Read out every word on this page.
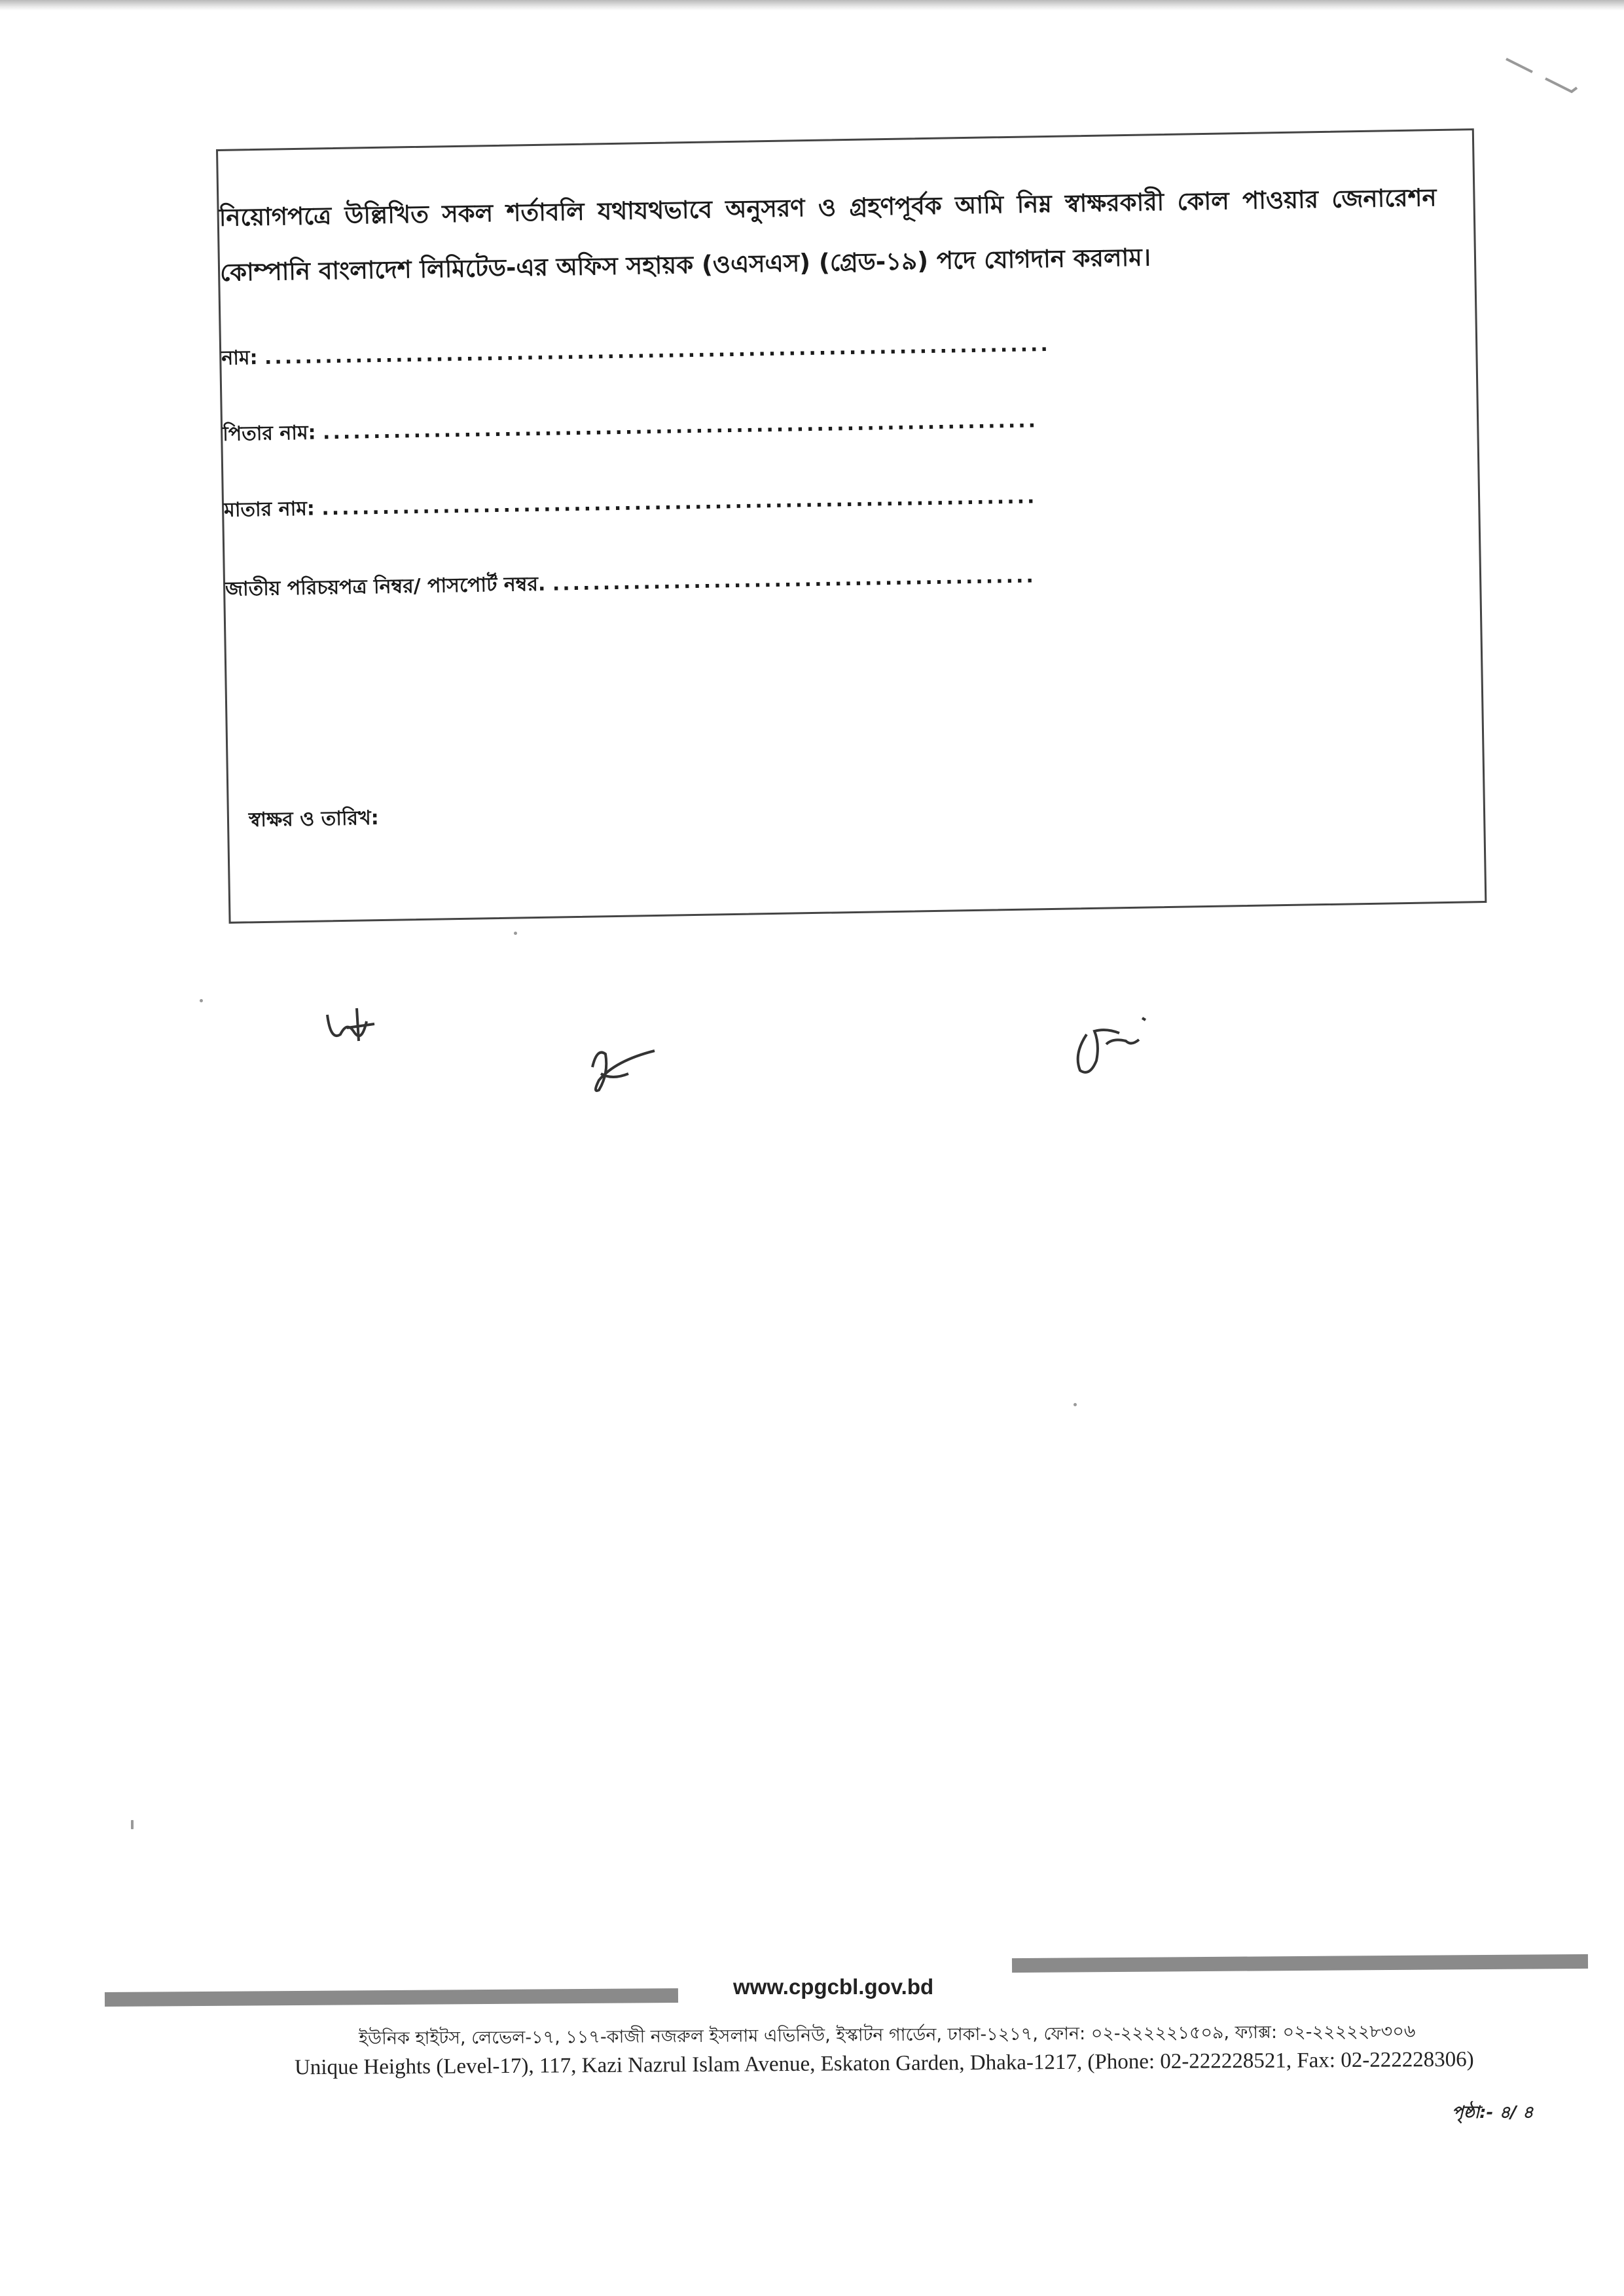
নিয়োগপত্রে উল্লিখিত সকল শর্তাবলি যথাযথভাবে অনুসরণ ও গ্রহণপূর্বক আমি নিম্ন স্বাক্ষরকারী কোল পাওয়ার জেনারেশন কোম্পানি বাংলাদেশ লিমিটেড-এর অফিস সহায়ক (ওএসএস) (গ্রেড-১৯) পদে যোগদান করলাম।
নাম: ..............................................................................
পিতার নাম: .......................................................................
মাতার নাম: .......................................................................
জাতীয় পরিচয়পত্র নিম্বর/ পাসপোর্ট নম্বর. ................................................
স্বাক্ষর ও তারিখ:
www.cpgcbl.gov.bd
ইউনিক হাইটস, লেভেল-১৭, ১১৭-কাজী নজরুল ইসলাম এভিনিউ, ইস্কাটন গার্ডেন, ঢাকা-১২১৭, ফোন: ০২-২২২২২১৫০৯, ফ্যাক্স: ০২-২২২২২৮৩০৬
Unique Heights (Level-17), 117, Kazi Nazrul Islam Avenue, Eskaton Garden, Dhaka-1217, (Phone: 02-222228521, Fax: 02-222228306)
পৃষ্ঠা:- ৪/ ৪
